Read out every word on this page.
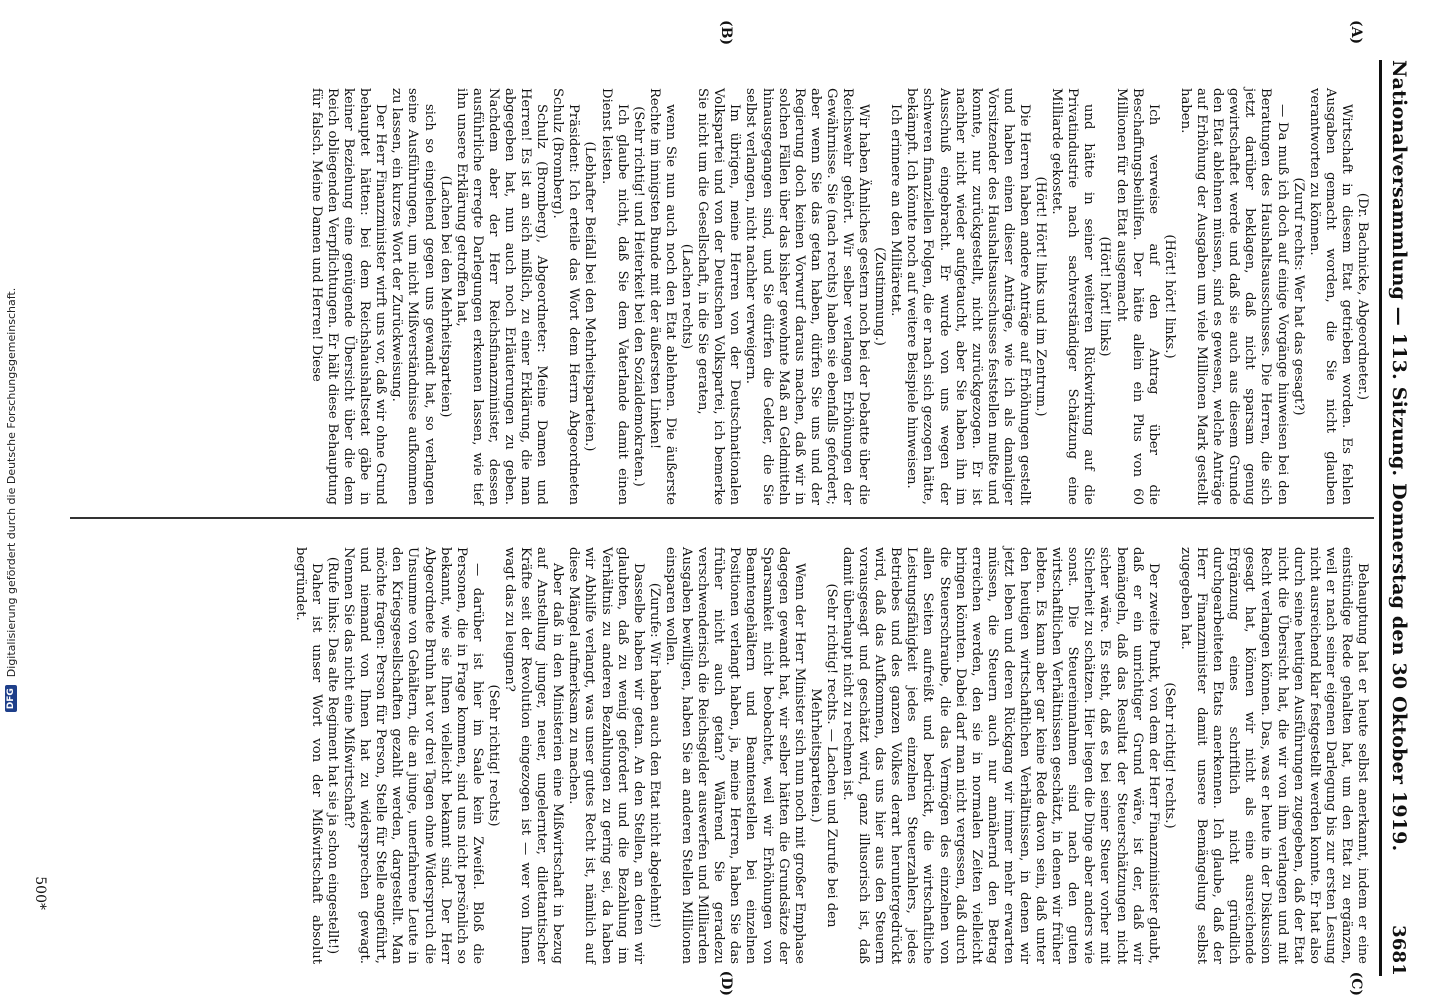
Nationalversammlung — 113. Sitzung. Donnerstag den 30 Oktober 1919.
3681
(A)
(B)
(C)
(D)

(Dr. Bachnicke, Abgeordneter.)

Wirtschaft in diesem Etat getrieben worden. Es fehlen Ausgaben gemacht worden, die Sie nicht glauben verantworten zu können.

(Zuruf rechts: Wer hat das gesagt?)

— Da muß ich doch auf einige Vorgänge hinweisen bei den Beratungen des Haushaltsausschusses. Die Herren, die sich jetzt darüber beklagen, daß nicht sparsam genug gewirtschaftet werde und daß sie auch aus diesem Grunde den Etat ablehnen müssen, sind es gewesen, welche Anträge auf Erhöhung der Ausgaben um viele Millionen Mark gestellt haben.

(Hört! hört! links.)

Ich verweise auf den Antrag über die Beschaffungsbeihilfen. Der hätte allein ein Plus von 60 Millionen für den Etat ausgemacht

(Hört! hört! links)

und hätte in seiner weiteren Rückwirkung auf die Privatindustrie nach sachverständiger Schätzung eine Milliarde gekostet.

(Hört! Hört! links und im Zentrum.)

Die Herren haben andere Anträge auf Erhöhungen gestellt und haben einen dieser Anträge, wie ich als damaliger Vorsitzender des Haushaltsausschusses feststellen mußte und konnte, nur zurückgestellt, nicht zurückgezogen. Er ist nachher nicht wieder aufgetaucht, aber Sie haben ihn im Ausschuß eingebracht. Er wurde von uns wegen der schweren finanziellen Folgen, die er nach sich gezogen hätte, bekämpft. Ich könnte noch auf weitere Beispiele hinweisen.

Ich erinnere an den Militäretat.

(Zustimmung.)

Wir haben Ähnliches gestern noch bei der Debatte über die Reichswehr gehört. Wir selber verlangen Erhöhungen der Gewährnisse. Sie (nach rechts) haben sie ebenfalls gefordert; aber wenn Sie das getan haben, dürfen Sie uns und der Regierung doch keinen Vorwurf daraus machen, daß wir in solchen Fällen über das bisher gewohnte Maß an Geldmitteln hinausgegangen sind, und Sie dürfen die Gelder, die Sie selbst verlangen, nicht nachher verweigern.

Im übrigen, meine Herren von der Deutschnationalen Volkspartei und von der Deutschen Volkspartei, ich bemerke Sie nicht um die Gesellschaft, in die Sie geraten,

(Lachen rechts)

wenn Sie nun auch noch den Etat ablehnen. Die äußerste Rechte im innigsten Bunde mit der äußersten Linken!

(Sehr richtig! und Heiterkeit bei den Sozialdemokraten.)

Ich glaube nicht, daß Sie dem Vaterlande damit einen Dienst leisten.

(Lebhafter Beifall bei den Mehrheitsparteien.)

Präsident: Ich erteile das Wort dem Herrn Abgeordneten Schulz (Bromberg).

Schulz (Bromberg), Abgeordneter: Meine Damen und Herren! Es ist an sich mißlich, zu einer Erklärung, die man abgegeben hat, nun auch noch Erläuterungen zu geben. Nachdem aber der Herr Reichsfinanzminister, dessen ausführliche erregte Darlegungen erkennen lassen, wie tief ihn unsere Erklärung getroffen hat,

(Lachen bei den Mehrheitsparteien)

sich so eingehend gegen uns gewandt hat, so verlangen seine Ausführungen, um nicht Mißverständnisse aufkommen zu lassen, ein kurzes Wort der Zurückweisung.

Der Herr Finanzminister wirft uns vor, daß wir ohne Grund behauptet hätten: bei dem Reichshaushaltsetat gäbe in keiner Beziehung eine genügende Übersicht über die dem Reich obliegenden Verpflichtungen. Er hält diese Behauptung für falsch. Meine Damen und Herren! Diese

Behauptung hat er heute selbst anerkannt, indem er eine einstündige Rede gehalten hat, um den Etat zu ergänzen, weil er nach seiner eigenen Darlegung bis zur ersten Lesung nicht ausreichend klar festgestellt werden konnte. Er hat also durch seine heutigen Ausführungen zugegeben, daß der Etat nicht die Übersicht hat, die wir von ihm verlangen und mit Recht verlangen können. Das, was er heute in der Diskussion gesagt hat, können wir nicht als eine ausreichende Ergänzung eines schriftlich nicht gründlich durchgearbeiteten Etats anerkennen. Ich glaube, daß der Herr Finanzminister damit unsere Bemängelung selbst zugegeben hat.

(Sehr richtig! rechts.)

Der zweite Punkt, von dem der Herr Finanzminister glaubt, daß er ein unrichtiger Grund wäre, ist der, daß wir bemängeln, daß das Resultat der Steuerschätzungen nicht sicher wäre. Es steht, daß es bei seiner Steuer vorher mit Sicherheit zu schätzen. Hier liegen die Dinge aber anders wie sonst. Die Steuereinnahmen sind nach den guten wirtschaftlichen Verhältnissen geschätzt, in denen wir früher lebten. Es kann aber gar keine Rede davon sein, daß unter den heutigen wirtschaftlichen Verhältnissen, in denen wir jetzt leben und deren Rückgang wir immer mehr erwarten müssen, die Steuern auch nur annähernd den Betrag erreichen werden, den sie in normalen Zeiten vielleicht bringen könnten. Dabei darf man nicht vergessen, daß durch die Steuerschraube, die das Vermögen des einzelnen von allen Seiten aufreißt und bedrückt, die wirtschaftliche Leistungsfähigkeit jedes einzelnen Steuerzahlers, jedes Betriebes und des ganzen Volkes derart heruntergedrückt wird, daß das Aufkommen, das uns hier aus den Steuern vorausgesagt und geschätzt wird, ganz illusorisch ist, daß damit überhaupt nicht zu rechnen ist.

(Sehr richtig! rechts. — Lachen und Zurufe bei den Mehrheitsparteien.)

Wenn der Herr Minister sich nun noch mit großer Emphase dagegen gewandt hat, wir selber hätten die Grundsätze der Sparsamkeit nicht beobachtet, weil wir Erhöhungen von Beamtengehältern und Beamtenstellen bei einzelnen Positionen verlangt haben, ja, meine Herren, haben Sie das früher nicht auch getan? Während Sie geradezu verschwenderisch die Reichsgelder auswerfen und Milliarden Ausgaben bewilligen, haben Sie an anderen Stellen Millionen einsparen wollen.

(Zurufe: Wir haben auch den Etat nicht abgelehnt!)

Dasselbe haben wir getan. An den Stellen, an denen wir glaubten, daß zu wenig gefordert und die Bezahlung im Verhältnis zu anderen Bezahlungen zu gering sei, da haben wir Abhilfe verlangt, was unser gutes Recht ist, nämlich auf diese Mängel aufmerksam zu machen.

Aber daß in den Ministerien eine Mißwirtschaft in bezug auf Anstellung junger, neuer, ungelernter, dilettantischer Kräfte seit der Revolution eingezogen ist — wer von Ihnen wagt das zu leugnen?

(Sehr richtig! rechts)

— darüber ist hier im Saale kein Zweifel. Bloß die Personen, die in Frage kommen, sind uns nicht persönlich so bekannt, wie sie Ihnen vielleicht bekannt sind. Der Herr Abgeordnete Bruhn hat vor drei Tagen ohne Widerspruch die Unsumme von Gehältern, die an junge, unerfahrene Leute in den Kriegsgesellschaften gezahlt werden, dargestellt. Man möchte fragen: Person für Person, Stelle für Stelle angeführt, und niemand von Ihnen hat zu widersprechen gewagt. Nennen Sie das nicht eine Mißwirtschaft?

(Rufe links: Das alte Regiment hat sie ja schon eingestellt!)

Daher ist unser Wort von der Mißwirtschaft absolut begründet.

500*
DFG
Digitalisierung gefördert durch die Deutsche Forschungsgemeinschaft.
